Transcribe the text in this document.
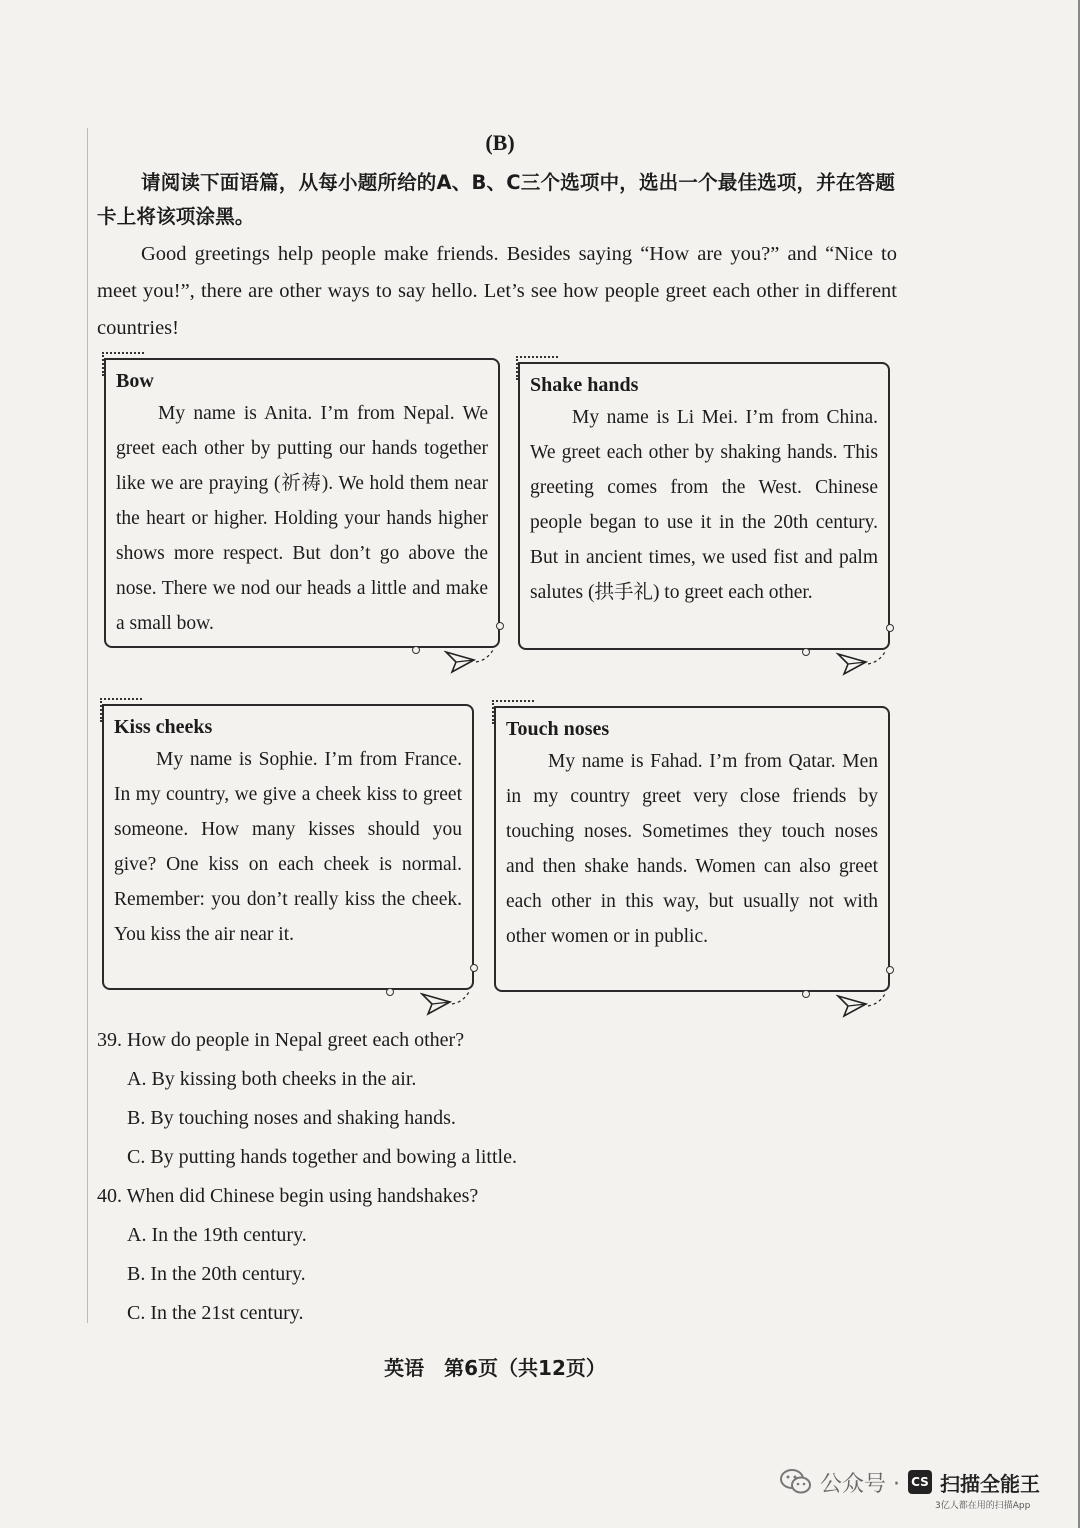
(B)

请阅读下面语篇，从每小题所给的A、B、C三个选项中，选出一个最佳选项，并在答题卡上将该项涂黑。

Good greetings help people make friends. Besides saying “How are you?” and “Nice to meet you!”, there are other ways to say hello. Let’s see how people greet each other in different countries!

Bow

My name is Anita. I’m from Nepal. We greet each other by putting our hands together like we are praying (祈祷). We hold them near the heart or higher. Holding your hands higher shows more respect. But don’t go above the nose. There we nod our heads a little and make a small bow.

Shake hands

My name is Li Mei. I’m from China. We greet each other by shaking hands. This greeting comes from the West. Chinese people began to use it in the 20th century. But in ancient times, we used fist and palm salutes (拱手礼) to greet each other.

Kiss cheeks

My name is Sophie. I’m from France. In my country, we give a cheek kiss to greet someone. How many kisses should you give? One kiss on each cheek is normal. Remember: you don’t really kiss the cheek. You kiss the air near it.

Touch noses

My name is Fahad. I’m from Qatar. Men in my country greet very close friends by touching noses. Sometimes they touch noses and then shake hands. Women can also greet each other in this way, but usually not with other women or in public.

39. How do people in Nepal greet each other?

A. By kissing both cheeks in the air.

B. By touching noses and shaking hands.

C. By putting hands together and bowing a little.

40. When did Chinese begin using handshakes?

A. In the 19th century.

B. In the 20th century.

C. In the 21st century.

英语　第6页（共12页）
公众号 · CS 扫描全能王
3亿人都在用的扫描App
